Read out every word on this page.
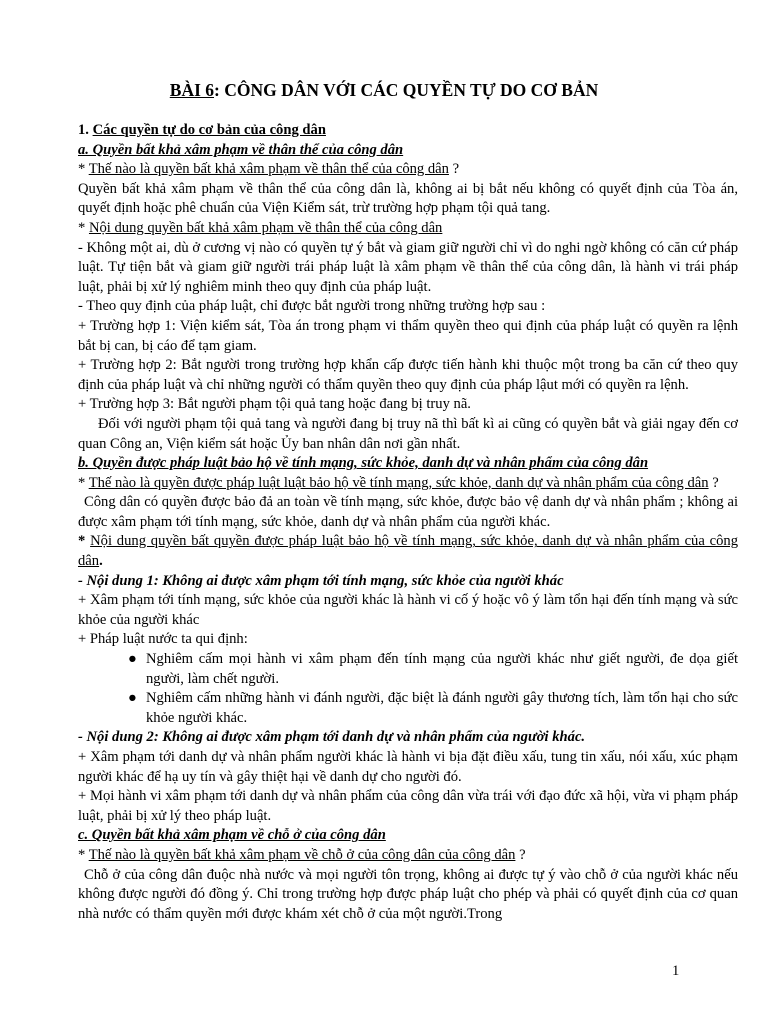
BÀI 6: CÔNG DÂN VỚI CÁC QUYỀN TỰ DO CƠ BẢN

1. Các quyền tự do cơ bản của công dân

a. Quyền bất khả xâm phạm về thân thể của công dân

* Thế nào là quyền bất khả xâm phạm về thân thể của công dân ?

Quyền bất khả xâm phạm về thân thể của công dân là, không ai bị bắt nếu không có quyết định của Tòa án, quyết định hoặc phê chuẩn của Viện Kiểm sát, trừ trường hợp phạm tội quả tang.

* Nội dung quyền bất khả xâm phạm về thân thể của công dân

- Không một ai, dù ở cương vị nào có quyền tự ý bắt và giam giữ người chỉ vì do nghi ngờ không có căn cứ pháp luật. Tự tiện bắt và giam giữ người trái pháp luật là xâm phạm về thân thể của công dân, là hành vi trái pháp luật, phải bị xử lý nghiêm minh theo quy định của pháp luật.

- Theo quy định của pháp luật, chỉ được bắt người trong những trường hợp sau :

+ Trường hợp 1: Viện kiểm sát, Tòa án trong phạm vi thẩm quyền theo qui định của pháp luật có quyền ra lệnh bắt bị can, bị cáo để tạm giam.

+ Trường hợp 2: Bắt người trong trường hợp khẩn cấp được tiến hành khi thuộc một trong ba căn cứ theo quy định của pháp luật và chỉ những người có thẩm quyền theo quy định của pháp lậut mới có quyền ra lệnh.

+ Trường hợp 3: Bắt người phạm tội quả tang hoặc đang bị truy nã.

Đối với người phạm tội quả tang và người đang bị truy nã thì bất kì ai cũng có quyền bắt và giải ngay đến cơ quan Công an, Viện kiểm sát hoặc Ủy ban nhân dân nơi gần nhất.

b. Quyền được pháp luật bảo hộ về tính mạng, sức khỏe, danh dự và nhân phẩm của công dân

* Thế nào là quyền được pháp luật luật bảo hộ về tính mạng, sức khỏe, danh dự và nhân phẩm của công dân ?

Công dân có quyền được bảo đả an toàn về tính mạng, sức khỏe, được bảo vệ danh dự và nhân phẩm ; không ai được xâm phạm tới tính mạng, sức khỏe, danh dự và nhân phẩm của người khác.

* Nội dung quyền bất quyền được pháp luật bảo hộ về tính mạng, sức khỏe, danh dự và nhân phẩm của công dân.

- Nội dung 1: Không ai được xâm phạm tới tính mạng, sức khỏe của người khác

+ Xâm phạm tới tính mạng, sức khỏe của người khác là hành vi cố ý hoặc vô ý làm tổn hại đến tính mạng và sức khỏe của người khác

+ Pháp luật nước ta qui định:

● Nghiêm cấm mọi hành vi xâm phạm đến tính mạng của người khác như giết người, đe dọa giết người, làm chết người.
● Nghiêm cấm những hành vi đánh người, đặc biệt là đánh người gây thương tích, làm tổn hại cho sức khỏe người khác.

- Nội dung 2: Không ai được xâm phạm tới danh dự và nhân phẩm của người khác.

+ Xâm phạm tới danh dự và nhân phẩm người khác là hành vi bịa đặt điều xấu, tung tin xấu, nói xấu, xúc phạm người khác để hạ uy tín và gây thiệt hại về danh dự cho người đó.

+ Mọi hành vi xâm phạm tới danh dự và nhân phẩm của công dân vừa trái với đạo đức xã hội, vừa vi phạm pháp luật, phải bị xử lý theo pháp luật.

c. Quyền bất khả xâm phạm về chỗ ở của công dân

* Thế nào là quyền bất khả xâm phạm về chỗ ở của công dân của công dân ?

Chỗ ở của công dân đuộc nhà nước và mọi người tôn trọng, không ai được tự ý vào chỗ ở của người khác nếu không được người đó đồng ý. Chỉ trong trường hợp được pháp luật cho phép và phải có quyết định của cơ quan nhà nước có thẩm quyền mới được khám xét chỗ ở của một người.Trong

1
